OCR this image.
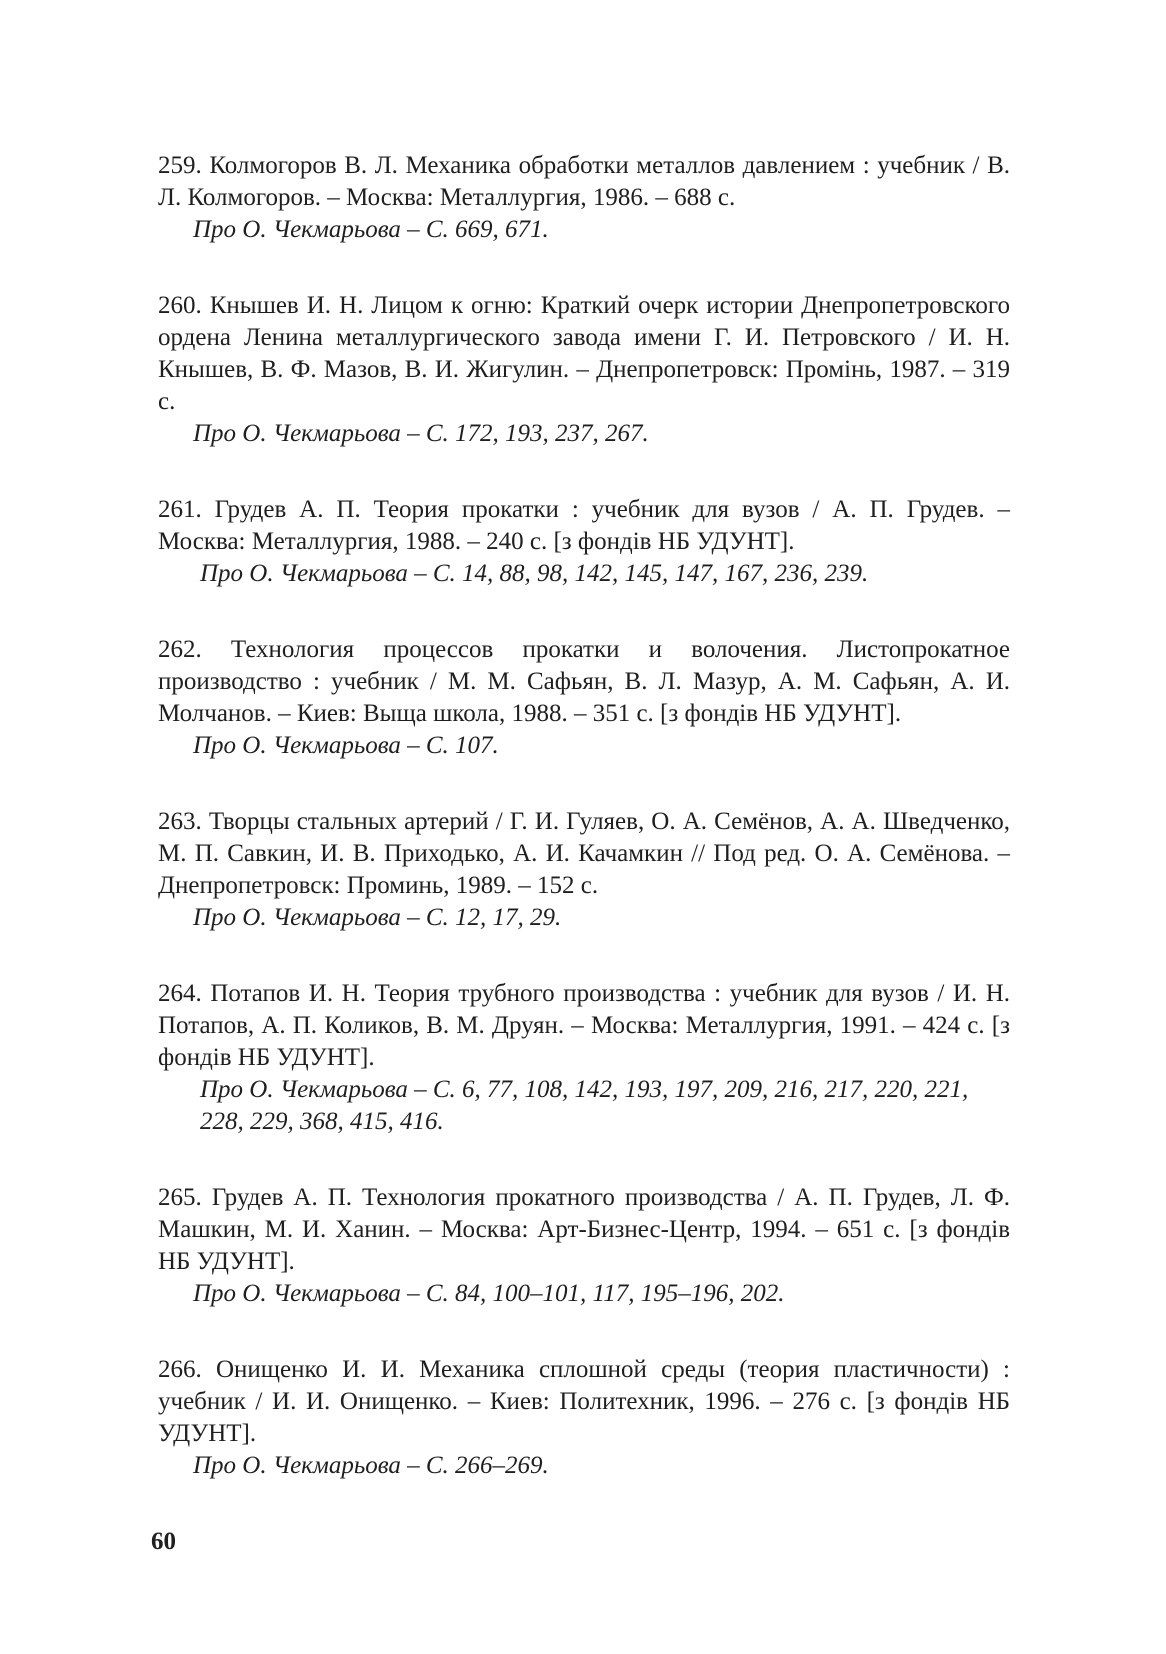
259. Колмогоров В. Л. Механика обработки металлов давлением : учебник / В. Л. Колмогоров. – Москва: Металлургия, 1986. – 688 с.

Про О. Чекмарьова – С. 669, 671.

260. Кнышев И. Н. Лицом к огню: Краткий очерк истории Днепропетровского ордена Ленина металлургического завода имени Г. И. Петровского / И. Н. Кнышев, В. Ф. Мазов, В. И. Жигулин. – Днепропетровск: Промінь, 1987. – 319 с.

Про О. Чекмарьова – С. 172, 193, 237, 267.

261. Грудев А. П. Теория прокатки : учебник для вузов / А. П. Грудев. – Москва: Металлургия, 1988. – 240 с. [з фондів НБ УДУНТ].

Про О. Чекмарьова – С. 14, 88, 98, 142, 145, 147, 167, 236, 239.

262. Технология процессов прокатки и волочения. Листопрокатное производство : учебник / М. М. Сафьян, В. Л. Мазур, А. М. Сафьян, А. И. Молчанов. – Киев: Выща школа, 1988. – 351 с. [з фондів НБ УДУНТ].

Про О. Чекмарьова – С. 107.

263. Творцы стальных артерий / Г. И. Гуляев, О. А. Семёнов, А. А. Шведченко, М. П. Савкин, И. В. Приходько, А. И. Качамкин // Под ред. О. А. Семёнова. – Днепропетровск: Проминь, 1989. – 152 с.

Про О. Чекмарьова – С. 12, 17, 29.

264. Потапов И. Н. Теория трубного производства : учебник для вузов / И. Н. Потапов, А. П. Коликов, В. М. Друян. – Москва: Металлургия, 1991. – 424 с. [з фондів НБ УДУНТ].

Про О. Чекмарьова – С. 6, 77, 108, 142, 193, 197, 209, 216, 217, 220, 221, 228, 229, 368, 415, 416.

265. Грудев А. П. Технология прокатного производства / А. П. Грудев, Л. Ф. Машкин, М. И. Ханин. – Москва: Арт-Бизнес-Центр, 1994. – 651 с. [з фондів НБ УДУНТ].

Про О. Чекмарьова – С. 84, 100–101, 117, 195–196, 202.

266. Онищенко И. И. Механика сплошной среды (теория пластичности) : учебник / И. И. Онищенко. – Киев: Политехник, 1996. – 276 с. [з фондів НБ УДУНТ].

Про О. Чекмарьова – С. 266–269.

60
